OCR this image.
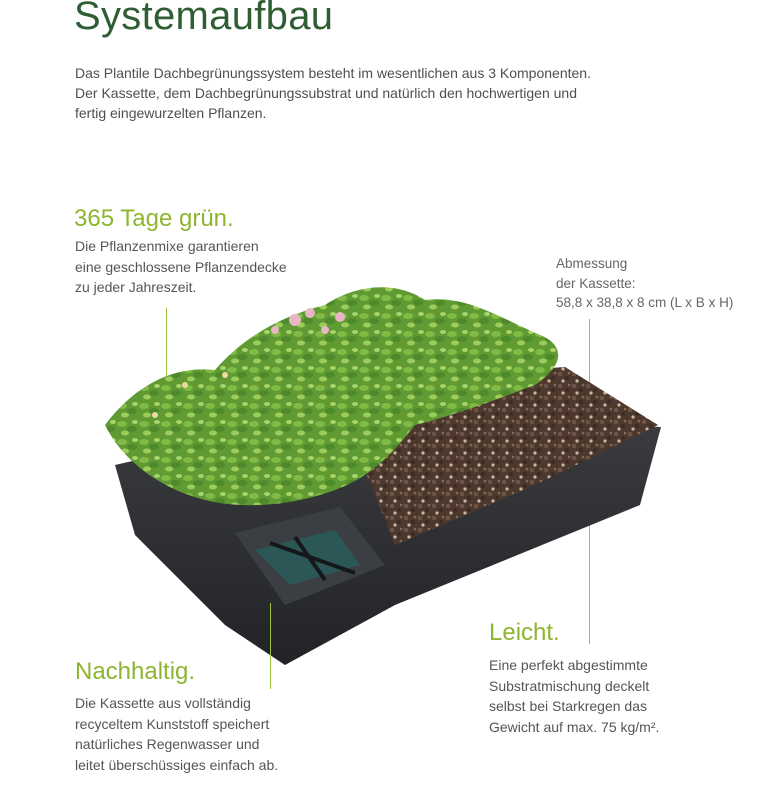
Systemaufbau

Das Plantile Dachbegrünungssystem besteht im wesentlichen aus 3 Komponenten.

Der Kassette, dem Dachbegrünungssubstrat und natürlich den hochwertigen und

fertig eingewurzelten Pflanzen.

365 Tage grün.

Die Pflanzenmixe garantieren

eine geschlossene Pflanzendecke

zu jeder Jahreszeit.

Abmessung

der Kassette:

58,8 x 38,8 x 8 cm (L x B x H)

Leicht.

Eine perfekt abgestimmte

Substratmischung deckelt

selbst bei Starkregen das

Gewicht auf max. 75 kg/m².

Nachhaltig.

Die Kassette aus vollständig

recyceltem Kunststoff speichert

natürliches Regenwasser und

leitet überschüssiges einfach ab.
